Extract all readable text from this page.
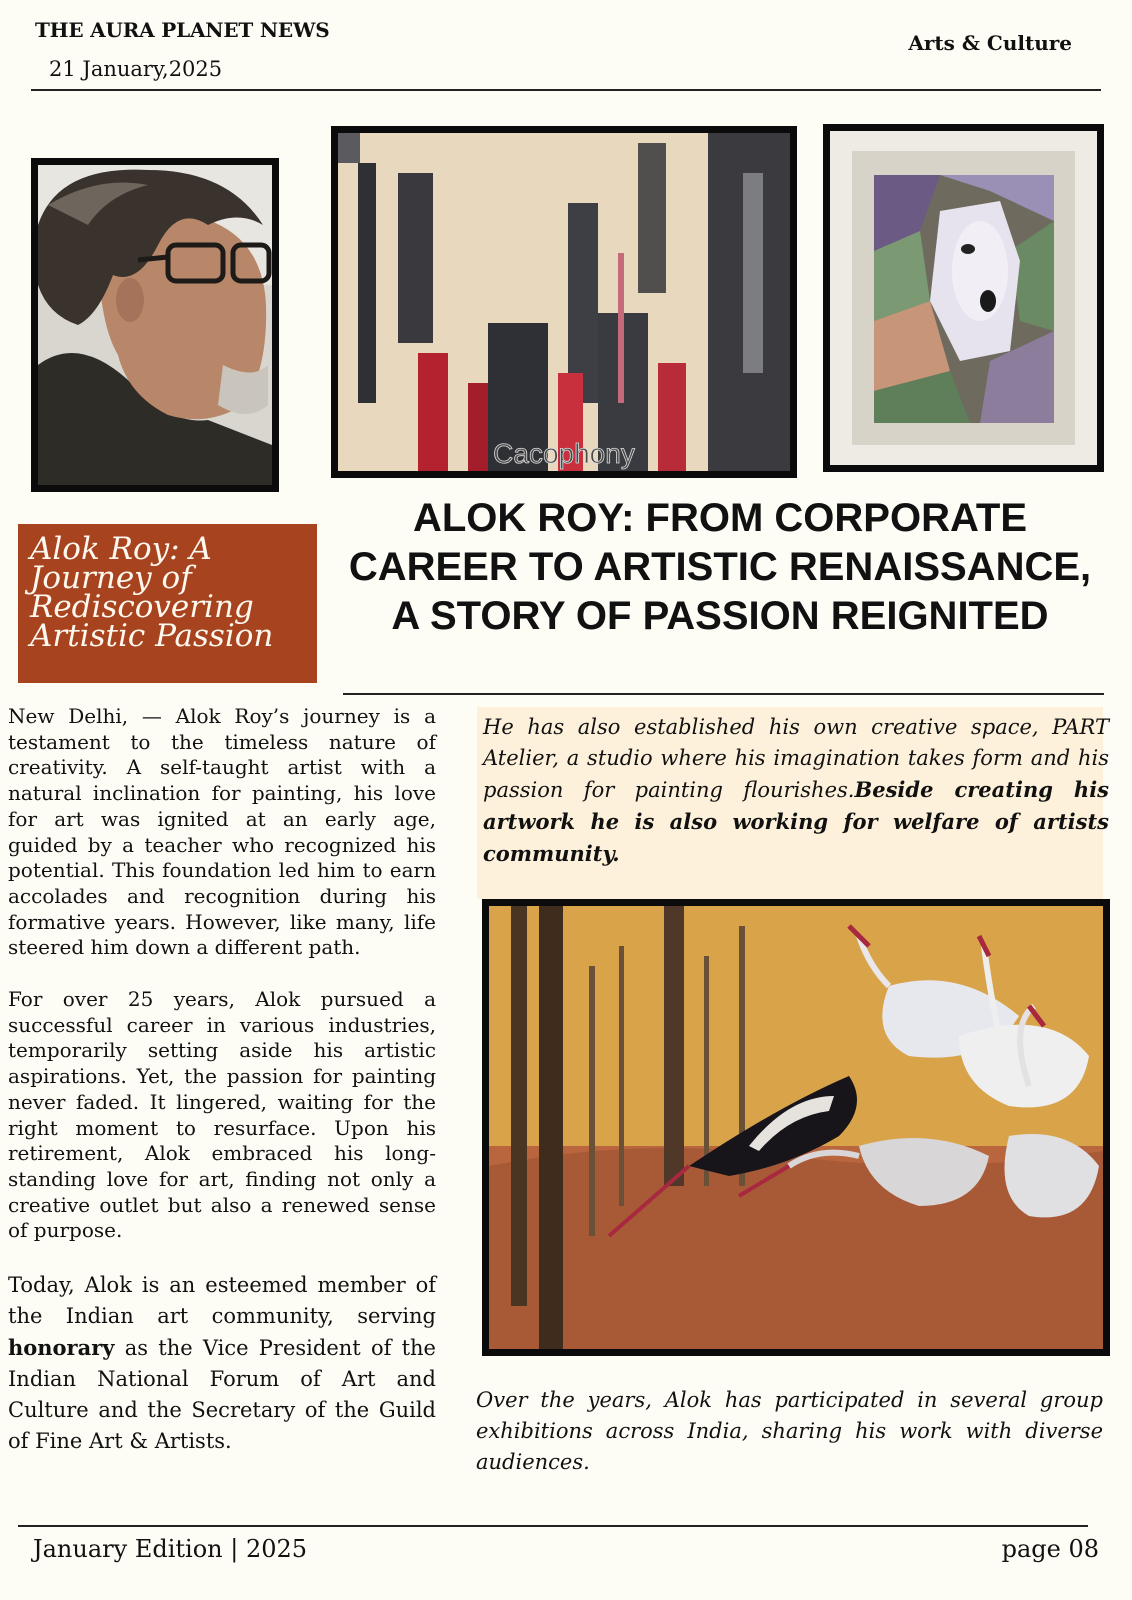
THE AURA PLANET NEWS
21 January,2025
Arts & Culture
Cacophony
Alok Roy: A Journey of Rediscovering Artistic Passion
ALOK ROY: FROM CORPORATE CAREER TO ARTISTIC RENAISSANCE, A STORY OF PASSION REIGNITED

New Delhi, — Alok Roy’s journey is a testament to the timeless nature of creativity. A self-taught artist with a natural inclination for painting, his love for art was ignited at an early age, guided by a teacher who recognized his potential. This foundation led him to earn accolades and recognition during his formative years. However, like many, life steered him down a different path.

For over 25 years, Alok pursued a successful career in various industries, temporarily setting aside his artistic aspirations. Yet, the passion for painting never faded. It lingered, waiting for the right moment to resurface. Upon his retirement, Alok embraced his long-standing love for art, finding not only a creative outlet but also a renewed sense of purpose.

Today, Alok is an esteemed member of the Indian art community, serving honorary as the Vice President of the Indian National Forum of Art and Culture and the Secretary of the Guild of Fine Art & Artists.

He has also established his own creative space, PART Atelier, a studio where his imagination takes form and his passion for painting flourishes.Beside creating his artwork he is also working for welfare of artists community.
Over the years, Alok has participated in several group exhibitions across India, sharing his work with diverse audiences.
January Edition | 2025	page 08
